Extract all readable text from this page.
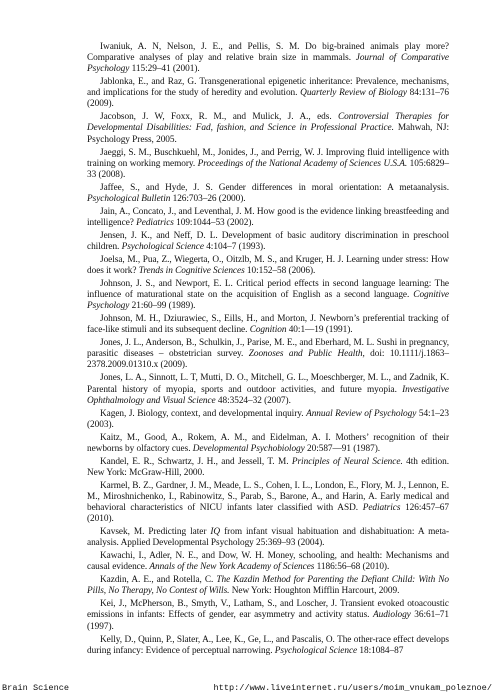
Iwaniuk, A. N, Nelson, J. E., and Pellis, S. M. Do big-brained animals play more? Comparative analyses of play and relative brain size in mammals. Journal of Comparative Psychology 115:29–41 (2001).

Jablonka, E., and Raz, G. Transgenerational epigenetic inheritance: Prevalence, mechanisms, and implications for the study of heredity and evolution. Quarterly Review of Biology 84:131–76 (2009).

Jacobson, J. W, Foxx, R. M., and Mulick, J. A., eds. Controversial Therapies for Developmental Disabilities: Fad, fashion, and Science in Professional Practice. Mahwah, NJ: Psychology Press, 2005.

Jaeggi, S. M., Buschkuehl, M., Jonides, J., and Perrig, W. J. Improving fluid intelligence with training on working memory. Proceedings of the National Academy of Sciences U.S.A. 105:6829–33 (2008).

Jaffee, S., and Hyde, J. S. Gender differences in moral orientation: A metaanalysis. Psychological Bulletin 126:703–26 (2000).

Jain, A., Concato, J., and Leventhal, J. M. How good is the evidence linking breastfeeding and intelligence? Pediatrics 109:1044–53 (2002).

Jensen, J. K., and Neff, D. L. Development of basic auditory discrimination in preschool children. Psychological Science 4:104–7 (1993).

Joelsa, M., Pua, Z., Wiegerta, O., Oitzlb, M. S., and Kruger, H. J. Learning under stress: How does it work? Trends in Cognitive Sciences 10:152–58 (2006).

Johnson, J. S., and Newport, E. L. Critical period effects in second language learning: The influence of maturational state on the acquisition of English as a second language. Cognitive Psychology 21:60–99 (1989).

Johnson, M. H., Dziurawiec, S., Eills, H., and Morton, J. Newborn’s preferential tracking of face-like stimuli and its subsequent decline. Cognition 40:1—19 (1991).

Jones, J. L., Anderson, B., Schulkin, J., Parise, M. E., and Eberhard, M. L. Sushi in pregnancy, parasitic diseases – obstetrician survey. Zoonoses and Public Health, doi: 10.1111/j.1863–2378.2009.01310.x (2009).

Jones, L. A., Sinnott, L. T, Mutti, D. O., Mitchell, G. L., Moeschberger, M. L., and Zadnik, K. Parental history of myopia, sports and outdoor activities, and future myopia. Investigative Ophthalmology and Visual Science 48:3524–32 (2007).

Kagen, J. Biology, context, and developmental inquiry. Annual Review of Psychology 54:1–23 (2003).

Kaitz, M., Good, A., Rokem, A. M., and Eidelman, A. I. Mothers’ recognition of their newborns by olfactory cues. Developmental Psychobiology 20:587—91 (1987).

Kandel, E. R., Schwartz, J. H., and Jessell, T. M. Principles of Neural Science. 4th edition. New York: McGraw-Hill, 2000.

Karmel, B. Z., Gardner, J. M., Meade, L. S., Cohen, I. L., London, E., Flory, M. J., Lennon, E. M., Miroshnichenko, I., Rabinowitz, S., Parab, S., Barone, A., and Harin, A. Early medical and behavioral characteristics of NICU infants later classified with ASD. Pediatrics 126:457–67 (2010).

Kavsek, M. Predicting later IQ from infant visual habituation and dishabituation: A meta-analysis. Applied Developmental Psychology 25:369–93 (2004).

Kawachi, I., Adler, N. E., and Dow, W. H. Money, schooling, and health: Mechanisms and causal evidence. Annals of the New York Academy of Sciences 1186:56–68 (2010).

Kazdin, A. E., and Rotella, C. The Kazdin Method for Parenting the Defiant Child: With No Pills, No Therapy, No Contest of Wills. New York: Houghton Mifflin Harcourt, 2009.

Kei, J., McPherson, B., Smyth, V., Latham, S., and Loscher, J. Transient evoked otoacoustic emissions in infants: Effects of gender, ear asymmetry and activity status. Audiology 36:61–71 (1997).

Kelly, D., Quinn, P., Slater, A., Lee, K., Ge, L., and Pascalis, O. The other-race effect develops during infancy: Evidence of perceptual narrowing. Psychological Science 18:1084–87

Brain Science	http://www.liveinternet.ru/users/moim_vnukam_poleznoe/
